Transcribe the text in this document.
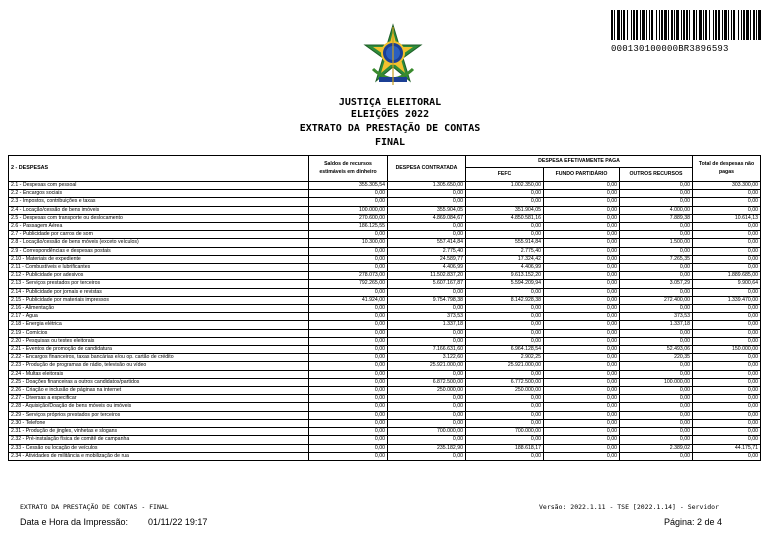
000130100000BR3896593
JUSTIÇA ELEITORAL
ELEIÇÕES 2022
EXTRATO DA PRESTAÇÃO DE CONTAS
FINAL
2 - DESPESAS	Saldos de recursos estimáveis em dinheiro	DESPESA CONTRATADA	DESPESA EFETIVAMENTE PAGA			Total de despesas não pagas
			FEFC	FUNDO PARTIDÁRIO	OUTROS RECURSOS	
2.1 - Despesas com pessoal	355.305,54	1.305.650,00	1.002.350,00	0,00	0,00	303.300,00
2.2 - Encargos sociais	0,00	0,00	0,00	0,00	0,00	0,00
2.3 - Impostos, contribuições e taxas	0,00	0,00	0,00	0,00	0,00	0,00
2.4 - Locação/cessão de bens imóveis	100.000,00	355.904,05	351.904,05	0,00	4.000,00	0,00
2.5 - Despesas com transporte ou deslocamento	270.600,00	4.869.084,67	4.850.581,16	0,00	7.889,38	10.614,13
2.6 - Passagem Aérea	186.125,55	0,00	0,00	0,00	0,00	0,00
2.7 - Publicidade por carros de som	0,00	0,00	0,00	0,00	0,00	0,00
2.8 - Locação/cessão de bens móveis (exceto veículos)	10.300,00	557.414,84	555.914,84	0,00	1.500,00	0,00
2.9 - Correspondências e despesas postais	0,00	2.775,40	2.775,40	0,00	0,00	0,00
2.10 - Materiais de expediente	0,00	24.589,77	17.324,42	0,00	7.265,35	0,00
2.11 - Combustíveis e lubrificantes	0,00	4.406,99	4.406,99	0,00	0,00	0,00
2.12 - Publicidade por adesivos	278.073,00	11.502.837,20	9.613.152,20	0,00	0,00	1.889.685,00
2.13 - Serviços prestados por terceiros	792.265,00	5.607.167,87	5.594.209,94	0,00	3.057,29	9.900,64
2.14 - Publicidade por jornais e revistas	0,00	0,00	0,00	0,00	0,00	0,00
2.15 - Publicidade por materiais impressos	41.924,00	9.754.798,38	8.142.928,38	0,00	272.400,00	1.339.470,00
2.16 - Alimentação	0,00	0,00	0,00	0,00	0,00	0,00
2.17 - Água	0,00	373,53	0,00	0,00	373,53	0,00
2.18 - Energia elétrica	0,00	1.337,18	0,00	0,00	1.337,18	0,00
2.19 - Comícios	0,00	0,00	0,00	0,00	0,00	0,00
2.20 - Pesquisas ou testes eleitorais	0,00	0,00	0,00	0,00	0,00	0,00
2.21 - Eventos de promoção de candidatura	0,00	7.166.631,60	6.964.128,54	0,00	52.493,06	150.000,00
2.22 - Encargos financeiros, taxas bancárias e/ou op. cartão de crédito	0,00	3.122,60	2.902,25	0,00	220,35	0,00
2.23 - Produção de programas de rádio, televisão ou vídeo	0,00	25.921.000,00	25.921.000,00	0,00	0,00	0,00
2.24 - Multas eleitorais	0,00	0,00	0,00	0,00	0,00	0,00
2.25 - Doações financeiras a outros candidatos/partidos	0,00	6.872.500,00	6.772.500,00	0,00	100.000,00	0,00
2.26 - Criação e inclusão de páginas na internet	0,00	250.000,00	250.000,00	0,00	0,00	0,00
2.27 - Diversas a especificar	0,00	0,00	0,00	0,00	0,00	0,00
2.28 - Aquisição/Doação de bens móveis ou imóveis	0,00	0,00	0,00	0,00	0,00	0,00
2.29 - Serviços próprios prestados por terceiros	0,00	0,00	0,00	0,00	0,00	0,00
2.30 - Telefone	0,00	0,00	0,00	0,00	0,00	0,00
2.31 - Produção de jingles, vinhetas e slogans	0,00	700.000,00	700.000,00	0,00	0,00	0,00
2.32 - Pré-instalação física de comitê de campanha	0,00	0,00	0,00	0,00	0,00	0,00
2.33 - Cessão ou locação de veículos	0,00	235.182,90	188.618,17	0,00	2.389,02	44.175,71
2.34 - Atividades de militância e mobilização de rua	0,00	0,00	0,00	0,00	0,00	0,00
EXTRATO DA PRESTAÇÃO DE CONTAS - FINAL	Versão: 2022.1.11 - TSE [2022.1.14] - Servidor
Data e Hora da Impressão: 01/11/22 19:17	Página: 2 de 4
